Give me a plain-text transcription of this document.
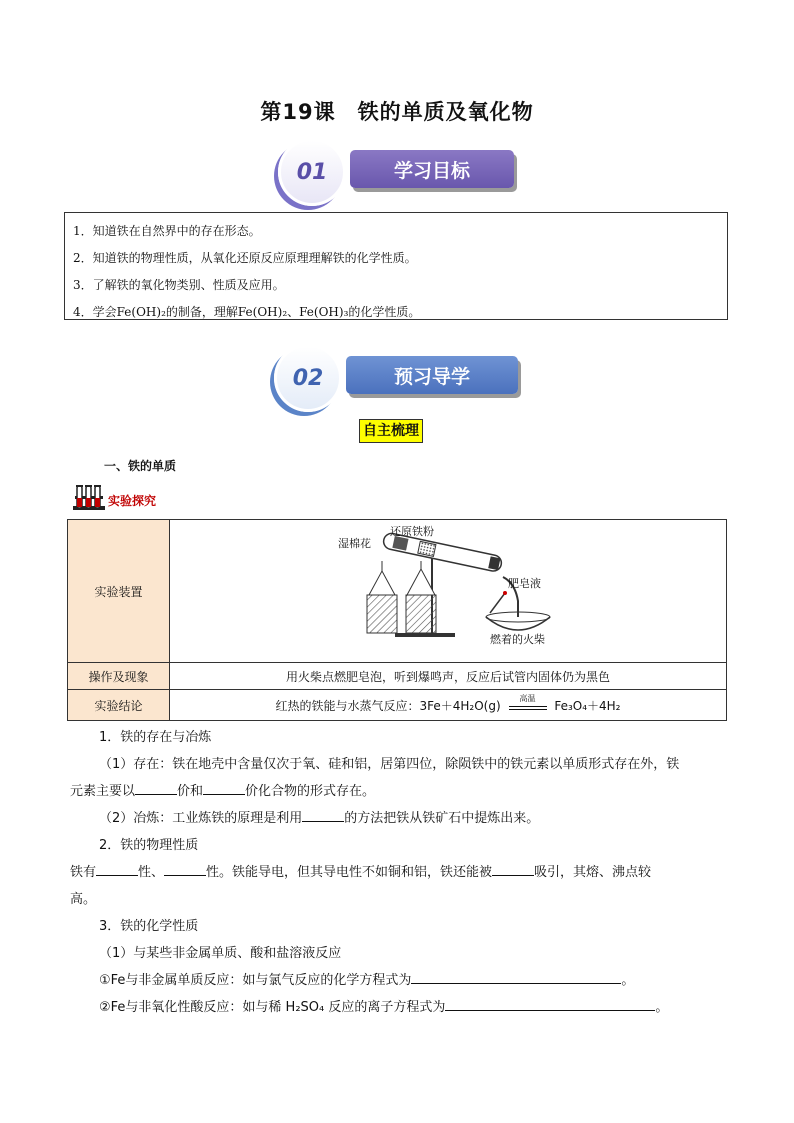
第19课　铁的单质及氧化物
01	学习目标
1．知道铁在自然界中的存在形态。
2．知道铁的物理性质，从氧化还原反应原理理解铁的化学性质。
3．了解铁的氧化物类别、性质及应用。
4．学会Fe(OH)₂的制备，理解Fe(OH)₂、Fe(OH)₃的化学性质。
02	预习导学
自主梳理
一、铁的单质
实验探究
实验装置	湿棉花
还原铁粉
肥皂液
燃着的火柴

操作及现象	用火柴点燃肥皂泡，听到爆鸣声，反应后试管内固体仍为黑色
实验结论	红热的铁能与水蒸气反应：3Fe＋4H₂O(g) 高温 Fe₃O₄＋4H₂
1．铁的存在与冶炼
（1）存在：铁在地壳中含量仅次于氧、硅和铝，居第四位，除陨铁中的铁元素以单质形式存在外，铁
元素主要以	价和	价化合物的形式存在。
（2）冶炼：工业炼铁的原理是利用	的方法把铁从铁矿石中提炼出来。
2．铁的物理性质
铁有	性、	性。铁能导电，但其导电性不如铜和铝，铁还能被	吸引，其熔、沸点较
高。
3．铁的化学性质
（1）与某些非金属单质、酸和盐溶液反应
①Fe与非金属单质反应：如与氯气反应的化学方程式为	。
②Fe与非氧化性酸反应：如与稀 H₂SO₄ 反应的离子方程式为	。
